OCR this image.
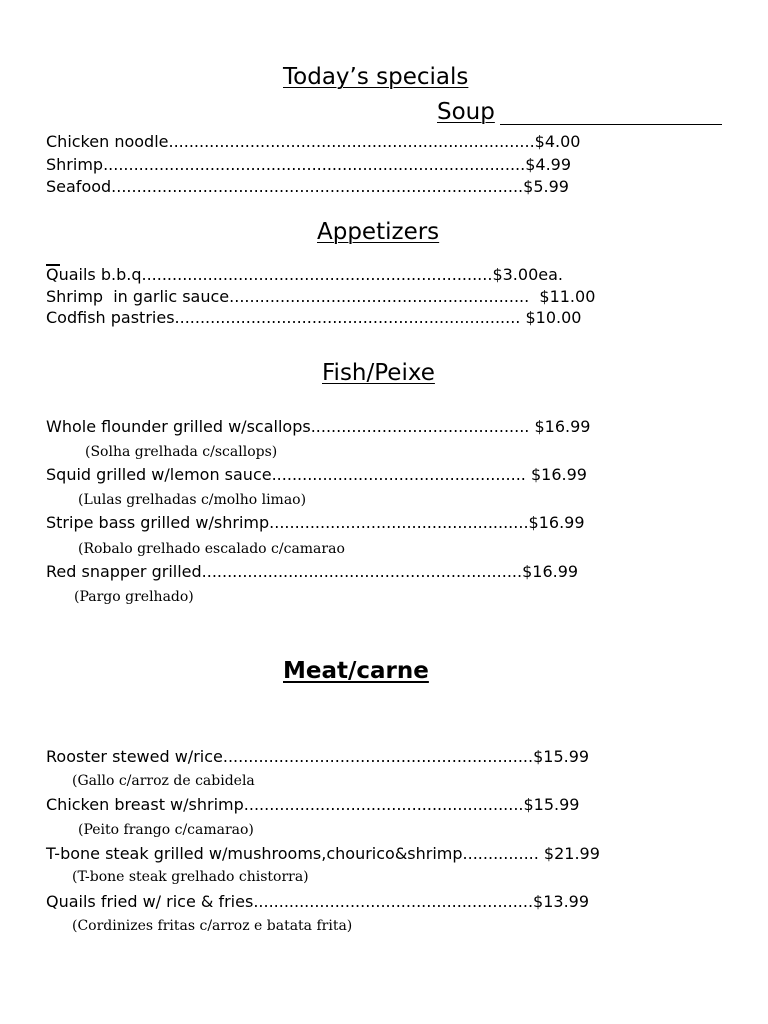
Today’s specials
Soup
Chicken noodle........................................................................$4.00
Shrimp...................................................................................$4.99
Seafood.................................................................................$5.99
Appetizers
Quails b.b.q.....................................................................$3.00ea.
Shrimp  in garlic sauce...........................................................  $11.00
Codfish pastries.................................................................... $10.00
Fish/Peixe
Whole flounder grilled w/scallops........................................... $16.99
(Solha grelhada c/scallops)
Squid grilled w/lemon sauce.................................................. $16.99
(Lulas grelhadas c/molho limao)
Stripe bass grilled w/shrimp...................................................$16.99
(Robalo grelhado escalado c/camarao
Red snapper grilled...............................................................$16.99
(Pargo grelhado)
Meat/carne
Rooster stewed w/rice.............................................................$15.99
(Gallo c/arroz de cabidela
Chicken breast w/shrimp.......................................................$15.99
(Peito frango c/camarao)
T-bone steak grilled w/mushrooms,chourico&shrimp............... $21.99
(T-bone steak grelhado chistorra)
Quails fried w/ rice & fries.......................................................$13.99
(Cordinizes fritas c/arroz e batata frita)
